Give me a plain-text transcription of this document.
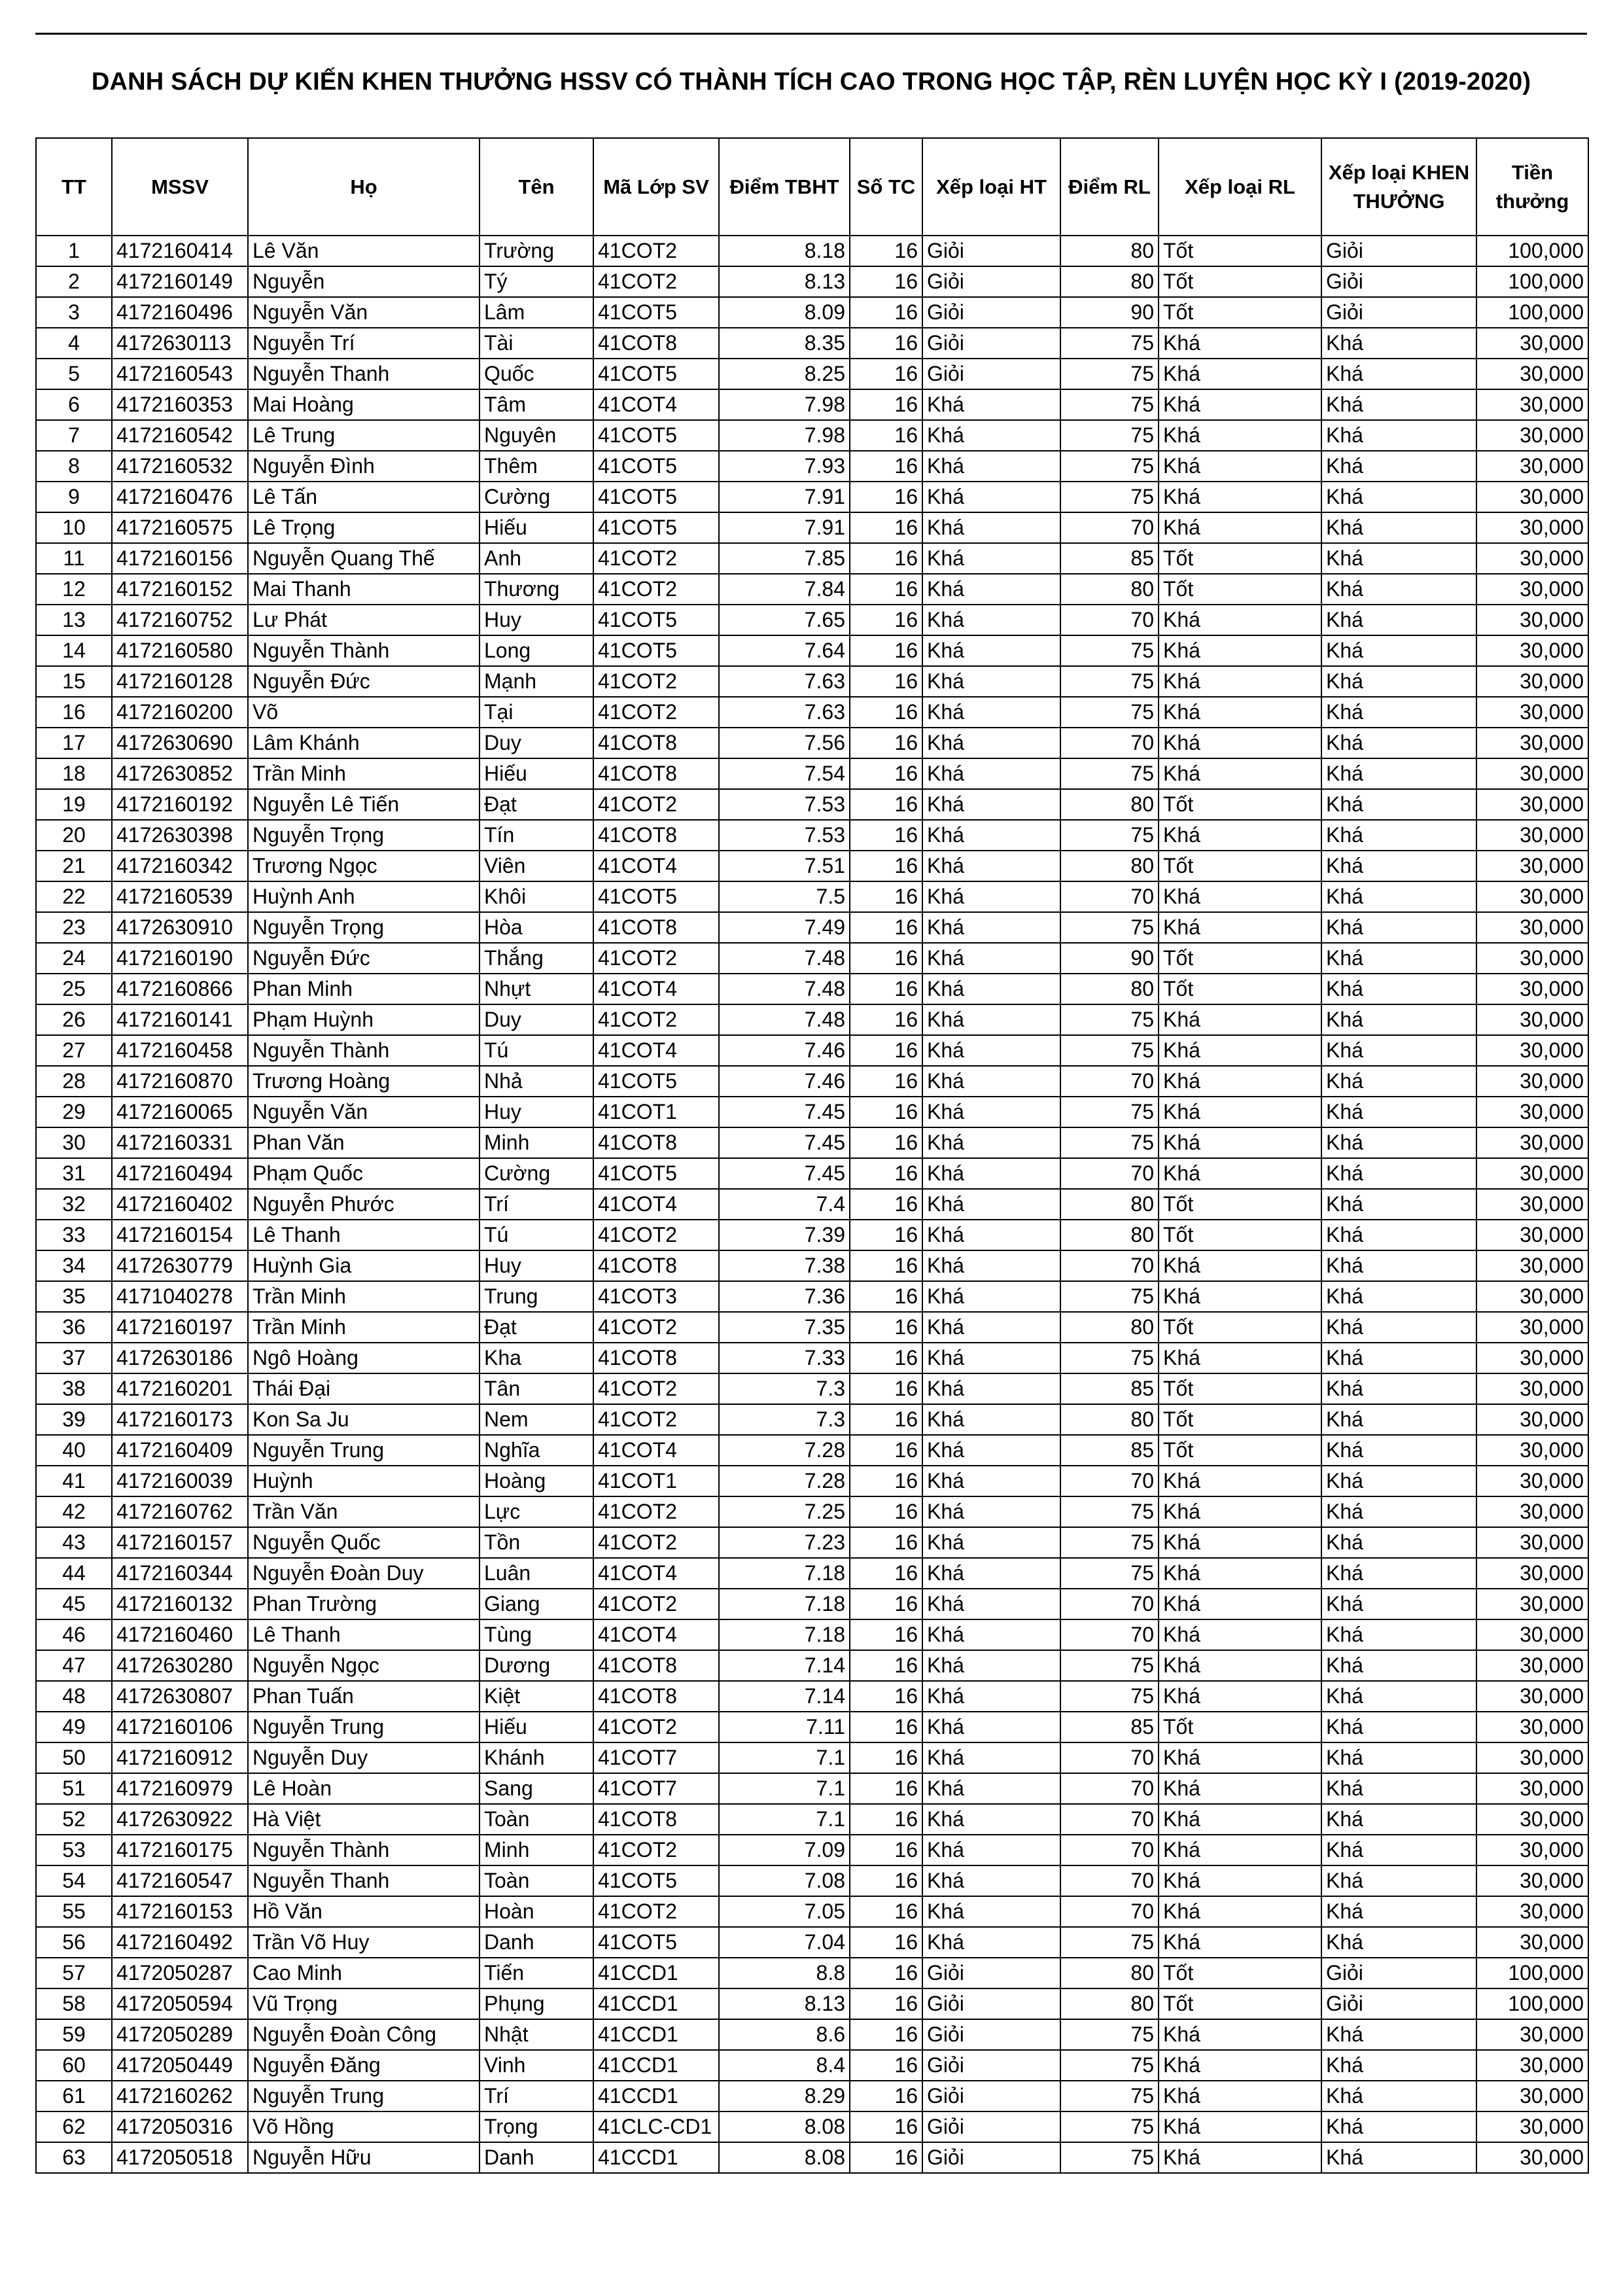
DANH SÁCH DỰ KIẾN KHEN THƯỞNG HSSV CÓ THÀNH TÍCH CAO TRONG HỌC TẬP, RÈN LUYỆN HỌC KỲ I (2019-2020)
TT	MSSV	Họ	Tên	Mã Lớp SV	Điểm TBHT	Số TC	Xếp loại HT	Điểm RL	Xếp loại RL	Xếp loại KHEN THƯỞNG	Tiền thưởng
1	4172160414	Lê Văn	Trường	41COT2	8.18	16	Giỏi	80	Tốt	Giỏi	100,000
2	4172160149	Nguyễn	Tý	41COT2	8.13	16	Giỏi	80	Tốt	Giỏi	100,000
3	4172160496	Nguyễn Văn	Lâm	41COT5	8.09	16	Giỏi	90	Tốt	Giỏi	100,000
4	4172630113	Nguyễn Trí	Tài	41COT8	8.35	16	Giỏi	75	Khá	Khá	30,000
5	4172160543	Nguyễn Thanh	Quốc	41COT5	8.25	16	Giỏi	75	Khá	Khá	30,000
6	4172160353	Mai Hoàng	Tâm	41COT4	7.98	16	Khá	75	Khá	Khá	30,000
7	4172160542	Lê Trung	Nguyên	41COT5	7.98	16	Khá	75	Khá	Khá	30,000
8	4172160532	Nguyễn Đình	Thêm	41COT5	7.93	16	Khá	75	Khá	Khá	30,000
9	4172160476	Lê Tấn	Cường	41COT5	7.91	16	Khá	75	Khá	Khá	30,000
10	4172160575	Lê Trọng	Hiếu	41COT5	7.91	16	Khá	70	Khá	Khá	30,000
11	4172160156	Nguyễn Quang Thế	Anh	41COT2	7.85	16	Khá	85	Tốt	Khá	30,000
12	4172160152	Mai Thanh	Thương	41COT2	7.84	16	Khá	80	Tốt	Khá	30,000
13	4172160752	Lư Phát	Huy	41COT5	7.65	16	Khá	70	Khá	Khá	30,000
14	4172160580	Nguyễn Thành	Long	41COT5	7.64	16	Khá	75	Khá	Khá	30,000
15	4172160128	Nguyễn Đức	Mạnh	41COT2	7.63	16	Khá	75	Khá	Khá	30,000
16	4172160200	Võ	Tại	41COT2	7.63	16	Khá	75	Khá	Khá	30,000
17	4172630690	Lâm Khánh	Duy	41COT8	7.56	16	Khá	70	Khá	Khá	30,000
18	4172630852	Trần Minh	Hiếu	41COT8	7.54	16	Khá	75	Khá	Khá	30,000
19	4172160192	Nguyễn Lê Tiến	Đạt	41COT2	7.53	16	Khá	80	Tốt	Khá	30,000
20	4172630398	Nguyễn Trọng	Tín	41COT8	7.53	16	Khá	75	Khá	Khá	30,000
21	4172160342	Trương Ngọc	Viên	41COT4	7.51	16	Khá	80	Tốt	Khá	30,000
22	4172160539	Huỳnh Anh	Khôi	41COT5	7.5	16	Khá	70	Khá	Khá	30,000
23	4172630910	Nguyễn Trọng	Hòa	41COT8	7.49	16	Khá	75	Khá	Khá	30,000
24	4172160190	Nguyễn Đức	Thắng	41COT2	7.48	16	Khá	90	Tốt	Khá	30,000
25	4172160866	Phan Minh	Nhựt	41COT4	7.48	16	Khá	80	Tốt	Khá	30,000
26	4172160141	Phạm Huỳnh	Duy	41COT2	7.48	16	Khá	75	Khá	Khá	30,000
27	4172160458	Nguyễn Thành	Tú	41COT4	7.46	16	Khá	75	Khá	Khá	30,000
28	4172160870	Trương Hoàng	Nhả	41COT5	7.46	16	Khá	70	Khá	Khá	30,000
29	4172160065	Nguyễn Văn	Huy	41COT1	7.45	16	Khá	75	Khá	Khá	30,000
30	4172160331	Phan Văn	Minh	41COT8	7.45	16	Khá	75	Khá	Khá	30,000
31	4172160494	Phạm Quốc	Cường	41COT5	7.45	16	Khá	70	Khá	Khá	30,000
32	4172160402	Nguyễn Phước	Trí	41COT4	7.4	16	Khá	80	Tốt	Khá	30,000
33	4172160154	Lê Thanh	Tú	41COT2	7.39	16	Khá	80	Tốt	Khá	30,000
34	4172630779	Huỳnh Gia	Huy	41COT8	7.38	16	Khá	70	Khá	Khá	30,000
35	4171040278	Trần Minh	Trung	41COT3	7.36	16	Khá	75	Khá	Khá	30,000
36	4172160197	Trần Minh	Đạt	41COT2	7.35	16	Khá	80	Tốt	Khá	30,000
37	4172630186	Ngô Hoàng	Kha	41COT8	7.33	16	Khá	75	Khá	Khá	30,000
38	4172160201	Thái Đại	Tân	41COT2	7.3	16	Khá	85	Tốt	Khá	30,000
39	4172160173	Kon Sa Ju	Nem	41COT2	7.3	16	Khá	80	Tốt	Khá	30,000
40	4172160409	Nguyễn Trung	Nghĩa	41COT4	7.28	16	Khá	85	Tốt	Khá	30,000
41	4172160039	Huỳnh	Hoàng	41COT1	7.28	16	Khá	70	Khá	Khá	30,000
42	4172160762	Trần Văn	Lực	41COT2	7.25	16	Khá	75	Khá	Khá	30,000
43	4172160157	Nguyễn Quốc	Tồn	41COT2	7.23	16	Khá	75	Khá	Khá	30,000
44	4172160344	Nguyễn Đoàn Duy	Luân	41COT4	7.18	16	Khá	75	Khá	Khá	30,000
45	4172160132	Phan Trường	Giang	41COT2	7.18	16	Khá	70	Khá	Khá	30,000
46	4172160460	Lê Thanh	Tùng	41COT4	7.18	16	Khá	70	Khá	Khá	30,000
47	4172630280	Nguyễn Ngọc	Dương	41COT8	7.14	16	Khá	75	Khá	Khá	30,000
48	4172630807	Phan Tuấn	Kiệt	41COT8	7.14	16	Khá	75	Khá	Khá	30,000
49	4172160106	Nguyễn Trung	Hiếu	41COT2	7.11	16	Khá	85	Tốt	Khá	30,000
50	4172160912	Nguyễn Duy	Khánh	41COT7	7.1	16	Khá	70	Khá	Khá	30,000
51	4172160979	Lê Hoàn	Sang	41COT7	7.1	16	Khá	70	Khá	Khá	30,000
52	4172630922	Hà Việt	Toàn	41COT8	7.1	16	Khá	70	Khá	Khá	30,000
53	4172160175	Nguyễn Thành	Minh	41COT2	7.09	16	Khá	70	Khá	Khá	30,000
54	4172160547	Nguyễn Thanh	Toàn	41COT5	7.08	16	Khá	70	Khá	Khá	30,000
55	4172160153	Hồ Văn	Hoàn	41COT2	7.05	16	Khá	70	Khá	Khá	30,000
56	4172160492	Trần Võ Huy	Danh	41COT5	7.04	16	Khá	75	Khá	Khá	30,000
57	4172050287	Cao Minh	Tiến	41CCD1	8.8	16	Giỏi	80	Tốt	Giỏi	100,000
58	4172050594	Vũ Trọng	Phụng	41CCD1	8.13	16	Giỏi	80	Tốt	Giỏi	100,000
59	4172050289	Nguyễn Đoàn Công	Nhật	41CCD1	8.6	16	Giỏi	75	Khá	Khá	30,000
60	4172050449	Nguyễn Đăng	Vinh	41CCD1	8.4	16	Giỏi	75	Khá	Khá	30,000
61	4172160262	Nguyễn Trung	Trí	41CCD1	8.29	16	Giỏi	75	Khá	Khá	30,000
62	4172050316	Võ Hồng	Trọng	41CLC-CD1	8.08	16	Giỏi	75	Khá	Khá	30,000
63	4172050518	Nguyễn Hữu	Danh	41CCD1	8.08	16	Giỏi	75	Khá	Khá	30,000
